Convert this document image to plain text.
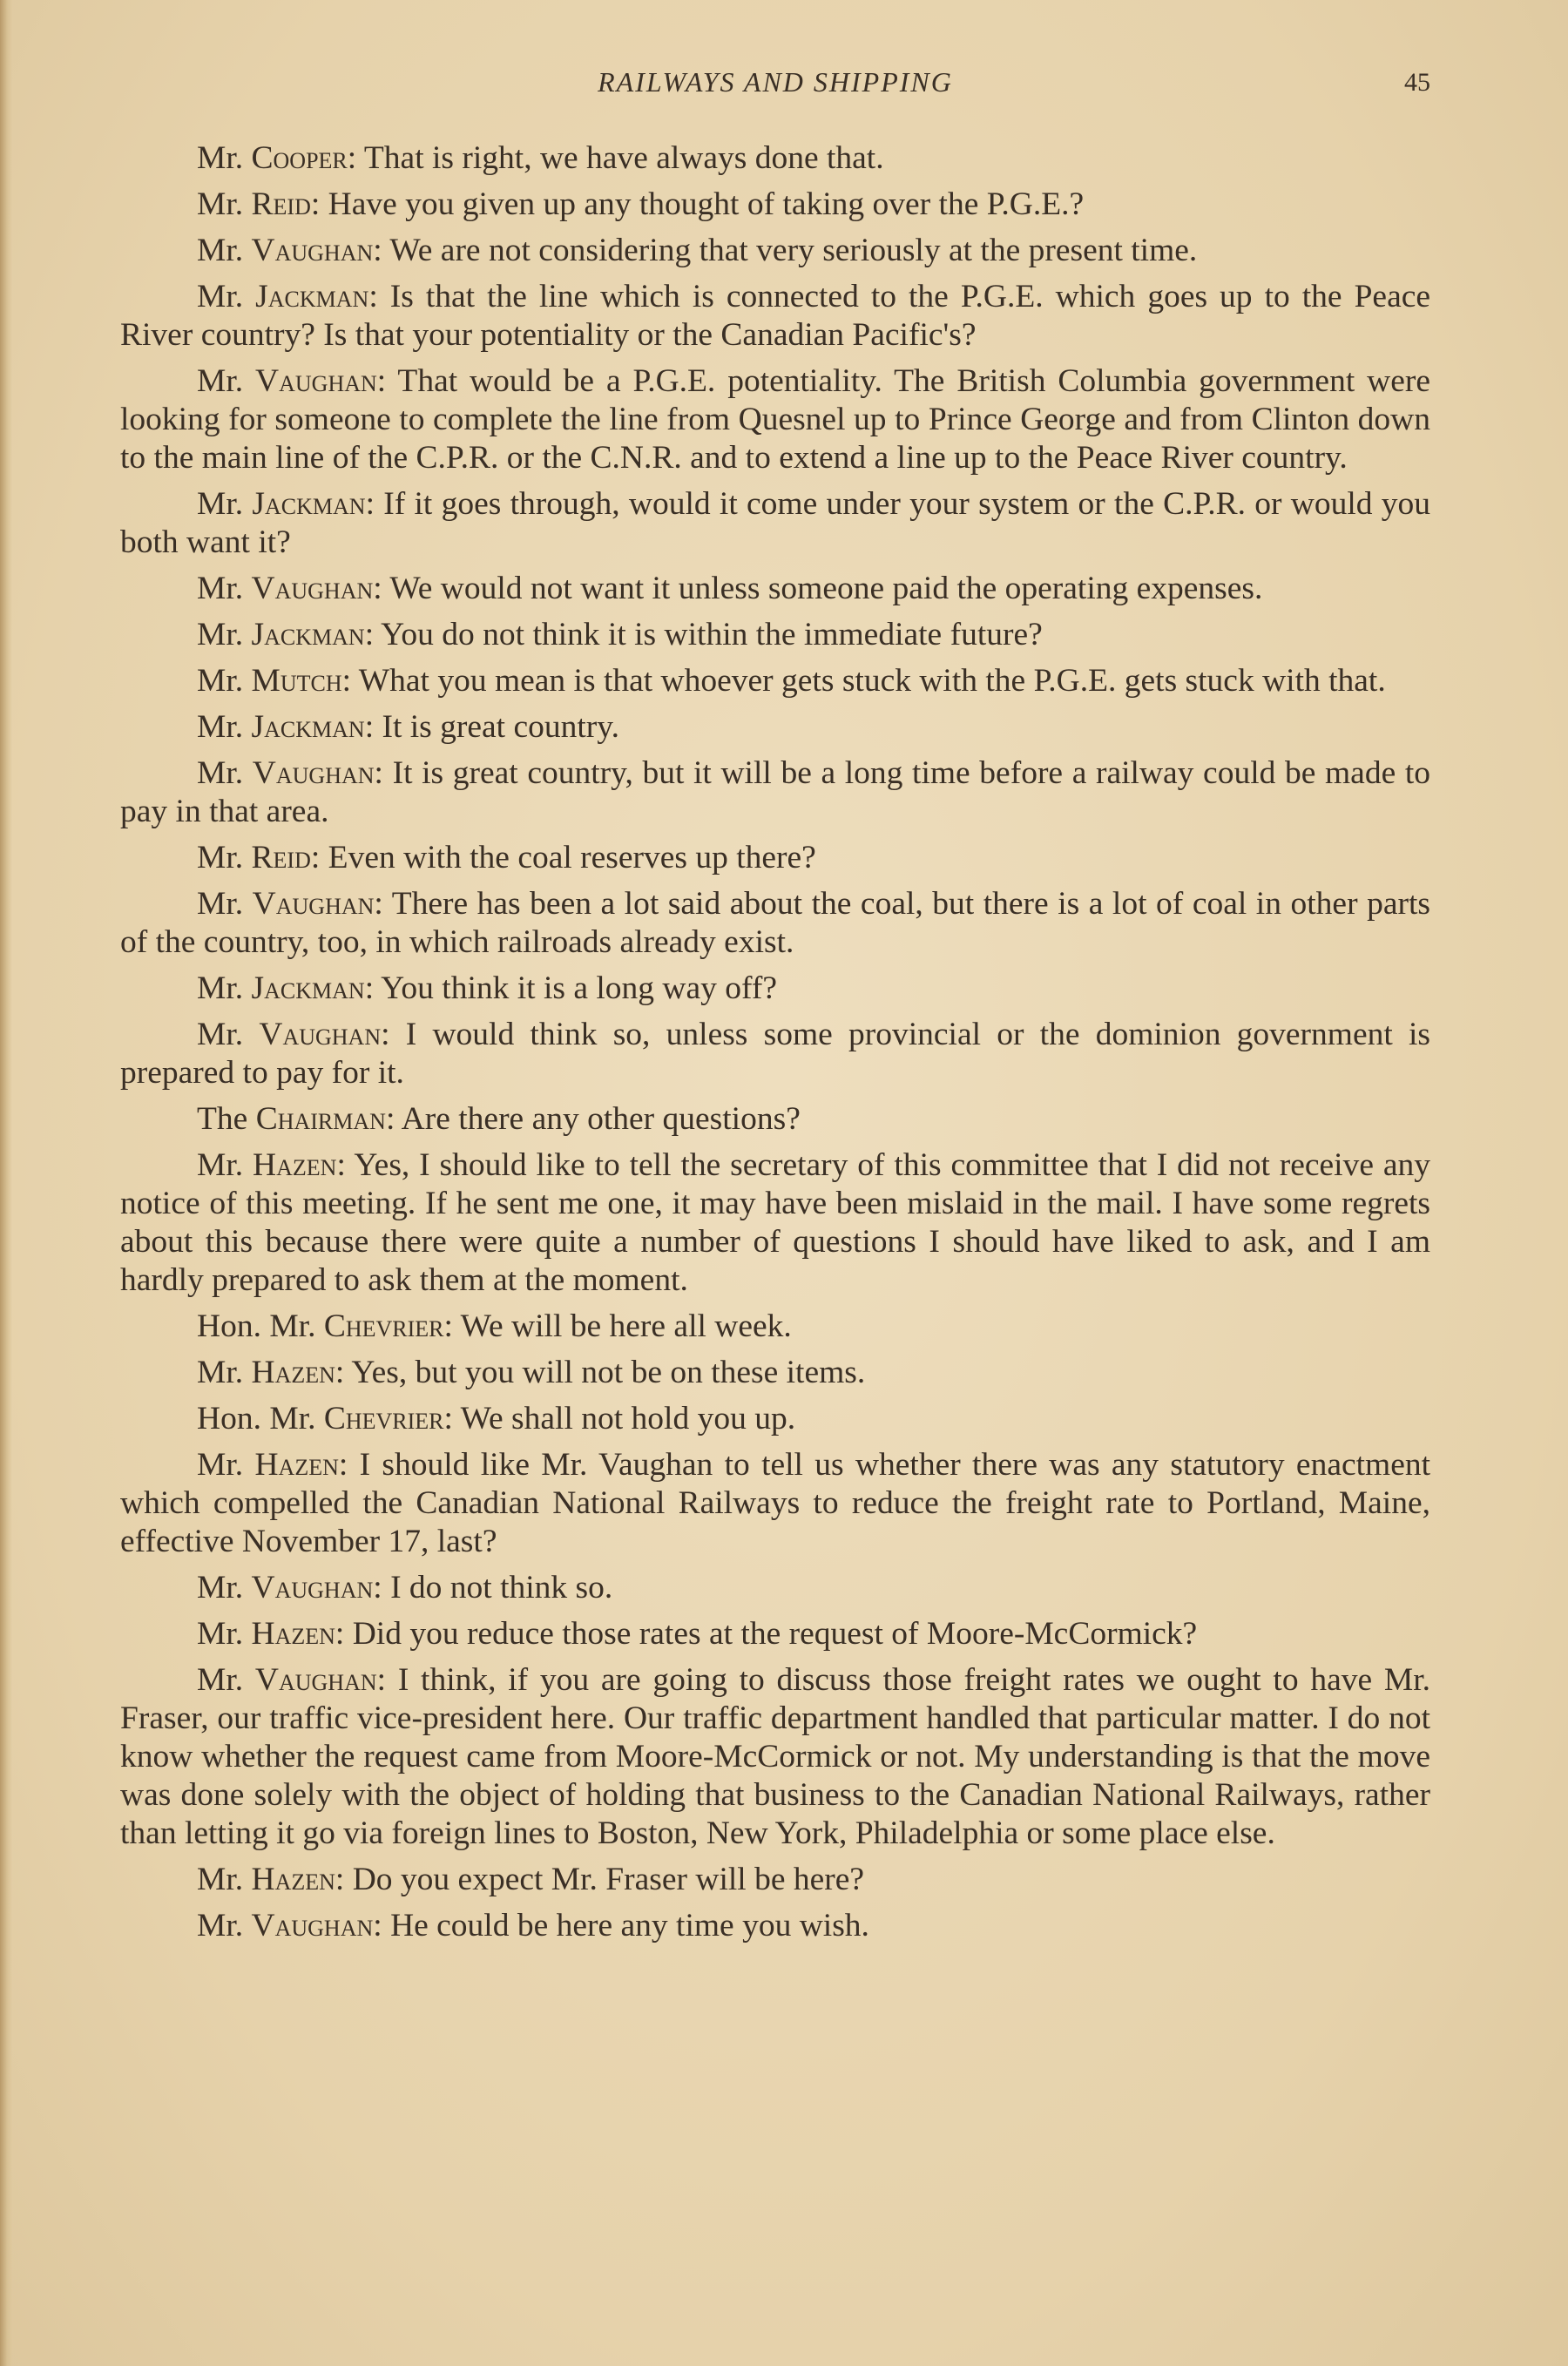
RAILWAYS AND SHIPPING	45

Mr. Cooper: That is right, we have always done that.

Mr. Reid: Have you given up any thought of taking over the P.G.E.?

Mr. Vaughan: We are not considering that very seriously at the present time.

Mr. Jackman: Is that the line which is connected to the P.G.E. which goes up to the Peace River country? Is that your potentiality or the Canadian Pacific's?

Mr. Vaughan: That would be a P.G.E. potentiality. The British Columbia government were looking for someone to complete the line from Quesnel up to Prince George and from Clinton down to the main line of the C.P.R. or the C.N.R. and to extend a line up to the Peace River country.

Mr. Jackman: If it goes through, would it come under your system or the C.P.R. or would you both want it?

Mr. Vaughan: We would not want it unless someone paid the operating expenses.

Mr. Jackman: You do not think it is within the immediate future?

Mr. Mutch: What you mean is that whoever gets stuck with the P.G.E. gets stuck with that.

Mr. Jackman: It is great country.

Mr. Vaughan: It is great country, but it will be a long time before a railway could be made to pay in that area.

Mr. Reid: Even with the coal reserves up there?

Mr. Vaughan: There has been a lot said about the coal, but there is a lot of coal in other parts of the country, too, in which railroads already exist.

Mr. Jackman: You think it is a long way off?

Mr. Vaughan: I would think so, unless some provincial or the dominion government is prepared to pay for it.

The Chairman: Are there any other questions?

Mr. Hazen: Yes, I should like to tell the secretary of this committee that I did not receive any notice of this meeting. If he sent me one, it may have been mislaid in the mail. I have some regrets about this because there were quite a number of questions I should have liked to ask, and I am hardly prepared to ask them at the moment.

Hon. Mr. Chevrier: We will be here all week.

Mr. Hazen: Yes, but you will not be on these items.

Hon. Mr. Chevrier: We shall not hold you up.

Mr. Hazen: I should like Mr. Vaughan to tell us whether there was any statutory enactment which compelled the Canadian National Railways to reduce the freight rate to Portland, Maine, effective November 17, last?

Mr. Vaughan: I do not think so.

Mr. Hazen: Did you reduce those rates at the request of Moore-McCormick?

Mr. Vaughan: I think, if you are going to discuss those freight rates we ought to have Mr. Fraser, our traffic vice-president here. Our traffic department handled that particular matter. I do not know whether the request came from Moore-McCormick or not. My understanding is that the move was done solely with the object of holding that business to the Canadian National Railways, rather than letting it go via foreign lines to Boston, New York, Philadelphia or some place else.

Mr. Hazen: Do you expect Mr. Fraser will be here?

Mr. Vaughan: He could be here any time you wish.
